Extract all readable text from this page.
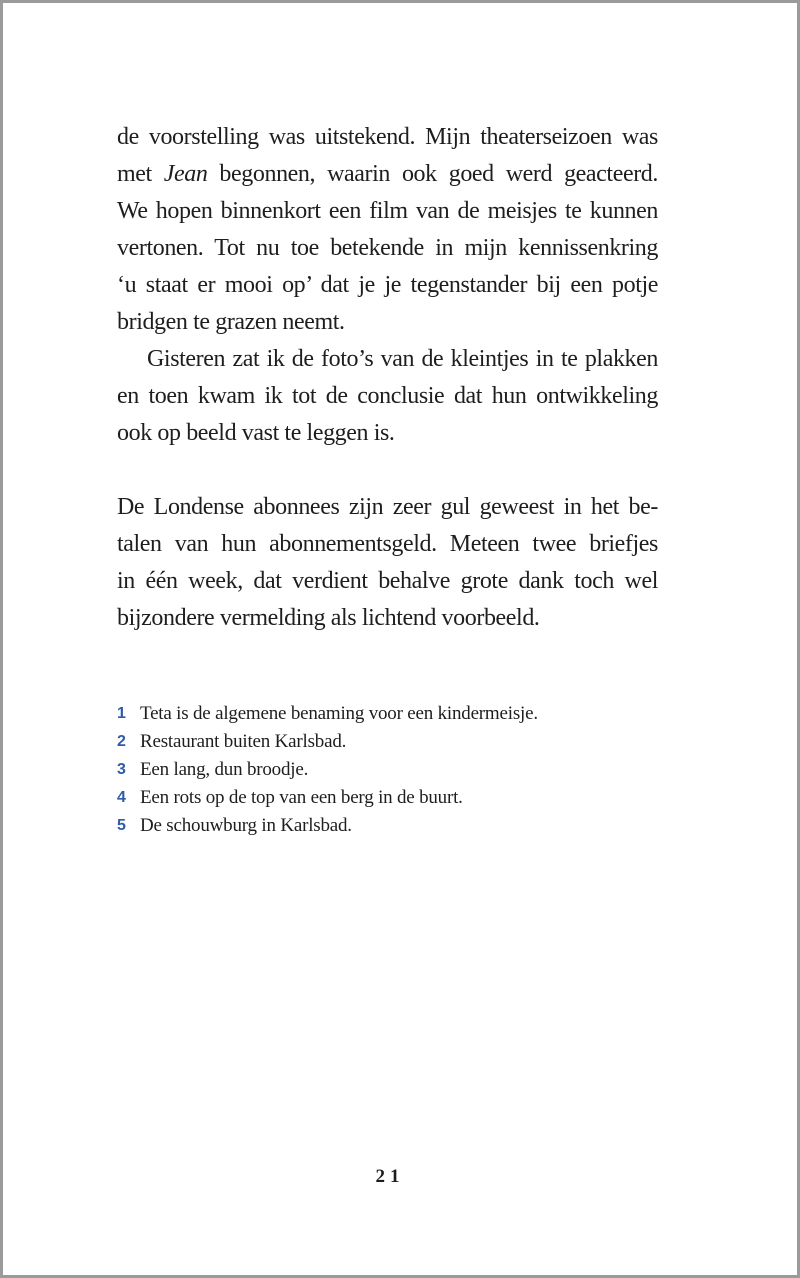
de voorstelling was uitstekend. Mijn theaterseizoen was
met Jean begonnen, waarin ook goed werd geacteerd.
We hopen binnenkort een film van de meisjes te kunnen
vertonen. Tot nu toe betekende in mijn kennissenkring
‘u staat er mooi op’ dat je je tegenstander bij een potje
bridgen te grazen neemt.
Gisteren zat ik de foto’s van de kleintjes in te plakken
en toen kwam ik tot de conclusie dat hun ontwikkeling
ook op beeld vast te leggen is.
De Londense abonnees zijn zeer gul geweest in het be-
talen van hun abonnementsgeld. Meteen twee briefjes
in één week, dat verdient behalve grote dank toch wel
bijzondere vermelding als lichtend voorbeeld.
1 Teta is de algemene benaming voor een kindermeisje.
2 Restaurant buiten Karlsbad.
3 Een lang, dun broodje.
4 Een rots op de top van een berg in de buurt.
5 De schouwburg in Karlsbad.
21
